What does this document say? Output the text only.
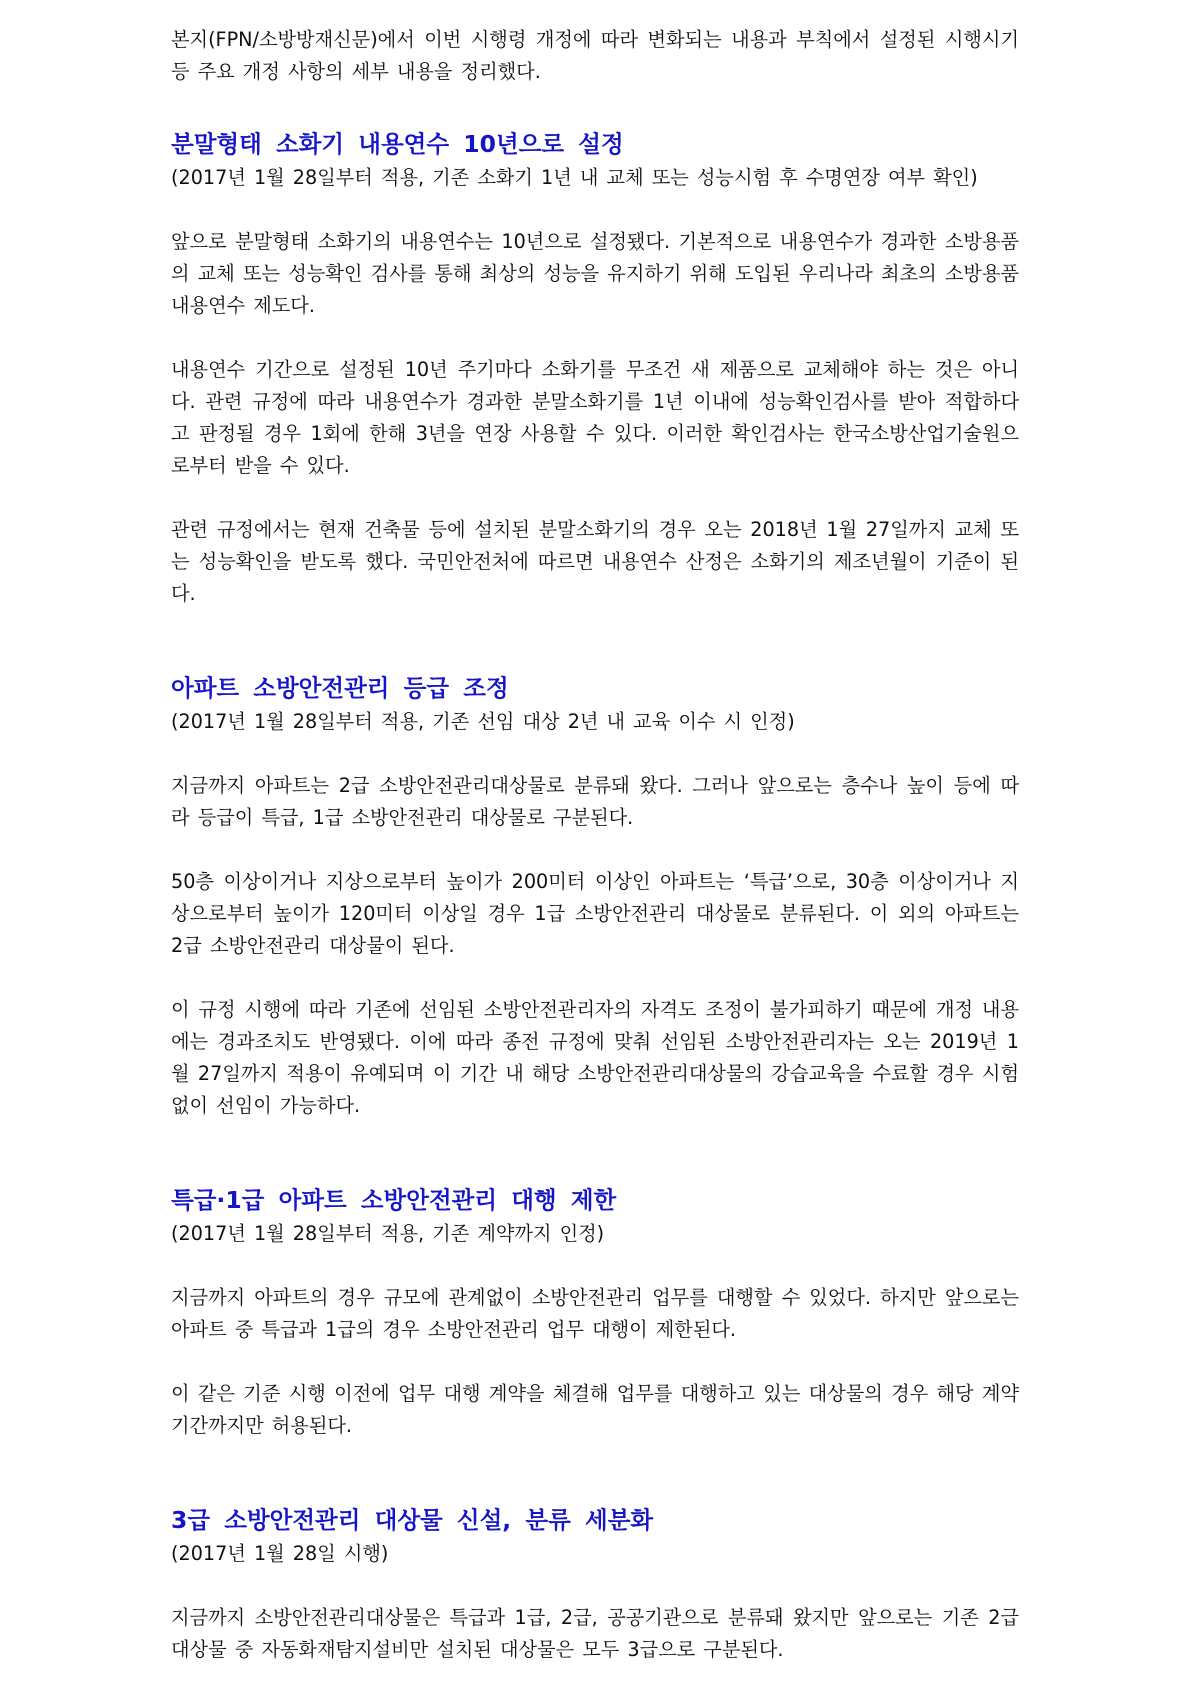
본지(FPN/소방방재신문)에서 이번 시행령 개정에 따라 변화되는 내용과 부칙에서 설정된 시행시기 등 주요 개정 사항의 세부 내용을 정리했다.

분말형태 소화기 내용연수 10년으로 설정

(2017년 1월 28일부터 적용, 기존 소화기 1년 내 교체 또는 성능시험 후 수명연장 여부 확인)

앞으로 분말형태 소화기의 내용연수는 10년으로 설정됐다. 기본적으로 내용연수가 경과한 소방용품의 교체 또는 성능확인 검사를 통해 최상의 성능을 유지하기 위해 도입된 우리나라 최초의 소방용품 내용연수 제도다.

내용연수 기간으로 설정된 10년 주기마다 소화기를 무조건 새 제품으로 교체해야 하는 것은 아니다. 관련 규정에 따라 내용연수가 경과한 분말소화기를 1년 이내에 성능확인검사를 받아 적합하다고 판정될 경우 1회에 한해 3년을 연장 사용할 수 있다. 이러한 확인검사는 한국소방산업기술원으로부터 받을 수 있다.

관련 규정에서는 현재 건축물 등에 설치된 분말소화기의 경우 오는 2018년 1월 27일까지 교체 또는 성능확인을 받도록 했다. 국민안전처에 따르면 내용연수 산정은 소화기의 제조년월이 기준이 된다.

아파트 소방안전관리 등급 조정

(2017년 1월 28일부터 적용, 기존 선임 대상 2년 내 교육 이수 시 인정)

지금까지 아파트는 2급 소방안전관리대상물로 분류돼 왔다. 그러나 앞으로는 층수나 높이 등에 따라 등급이 특급, 1급 소방안전관리 대상물로 구분된다.

50층 이상이거나 지상으로부터 높이가 200미터 이상인 아파트는 ‘특급’으로, 30층 이상이거나 지상으로부터 높이가 120미터 이상일 경우 1급 소방안전관리 대상물로 분류된다. 이 외의 아파트는 2급 소방안전관리 대상물이 된다.

이 규정 시행에 따라 기존에 선임된 소방안전관리자의 자격도 조정이 불가피하기 때문에 개정 내용에는 경과조치도 반영됐다. 이에 따라 종전 규정에 맞춰 선임된 소방안전관리자는 오는 2019년 1월 27일까지 적용이 유예되며 이 기간 내 해당 소방안전관리대상물의 강습교육을 수료할 경우 시험 없이 선임이 가능하다.

특급·1급 아파트 소방안전관리 대행 제한

(2017년 1월 28일부터 적용, 기존 계약까지 인정)

지금까지 아파트의 경우 규모에 관계없이 소방안전관리 업무를 대행할 수 있었다. 하지만 앞으로는 아파트 중 특급과 1급의 경우 소방안전관리 업무 대행이 제한된다.

이 같은 기준 시행 이전에 업무 대행 계약을 체결해 업무를 대행하고 있는 대상물의 경우 해당 계약 기간까지만 허용된다.

3급 소방안전관리 대상물 신설, 분류 세분화

(2017년 1월 28일 시행)

지금까지 소방안전관리대상물은 특급과 1급, 2급, 공공기관으로 분류돼 왔지만 앞으로는 기존 2급 대상물 중 자동화재탐지설비만 설치된 대상물은 모두 3급으로 구분된다.
